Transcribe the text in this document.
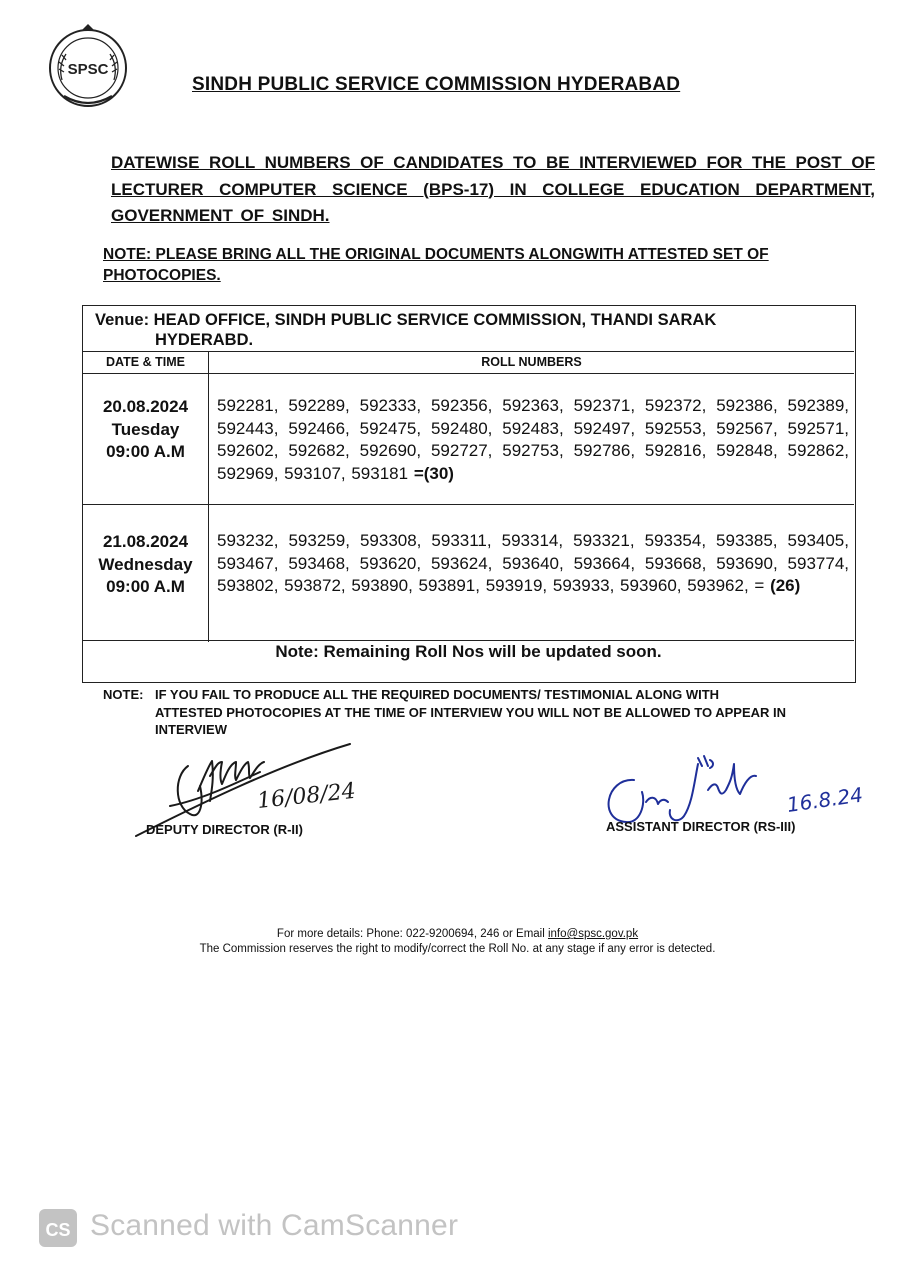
SPSC
SINDH PUBLIC SERVICE COMMISSION HYDERABAD
DATEWISE ROLL NUMBERS OF CANDIDATES TO BE INTERVIEWED FOR THE POST OF LECTURER COMPUTER SCIENCE (BPS-17) IN COLLEGE EDUCATION DEPARTMENT, GOVERNMENT OF SINDH.
NOTE: PLEASE BRING ALL THE ORIGINAL DOCUMENTS ALONGWITH ATTESTED SET OF PHOTOCOPIES.
Venue: HEAD OFFICE, SINDH PUBLIC SERVICE COMMISSION, THANDI SARAK
HYDERABD.
DATE & TIME	ROLL NUMBERS
20.08.2024
Tuesday
09:00 A.M
592281, 592289, 592333, 592356, 592363, 592371, 592372, 592386, 592389, 592443, 592466, 592475, 592480, 592483, 592497, 592553, 592567, 592571, 592602, 592682, 592690, 592727, 592753, 592786, 592816, 592848, 592862, 592969, 593107, 593181 =(30)
21.08.2024
Wednesday
09:00 A.M
593232, 593259, 593308, 593311, 593314, 593321, 593354, 593385, 593405, 593467, 593468, 593620, 593624, 593640, 593664, 593668, 593690, 593774, 593802, 593872, 593890, 593891, 593919, 593933, 593960, 593962, = (26)
Note: Remaining Roll Nos will be updated soon.
NOTE: IF YOU FAIL TO PRODUCE ALL THE REQUIRED DOCUMENTS/ TESTIMONIAL ALONG WITH
ATTESTED PHOTOCOPIES AT THE TIME OF INTERVIEW YOU WILL NOT BE ALLOWED TO APPEAR IN
INTERVIEW
16/08/24
DEPUTY DIRECTOR (R-II)
16.8.24
ASSISTANT DIRECTOR (RS-III)
For more details: Phone: 022-9200694, 246 or Email info@spsc.gov.pk
The Commission reserves the right to modify/correct the Roll No. at any stage if any error is detected.
CS Scanned with CamScanner
